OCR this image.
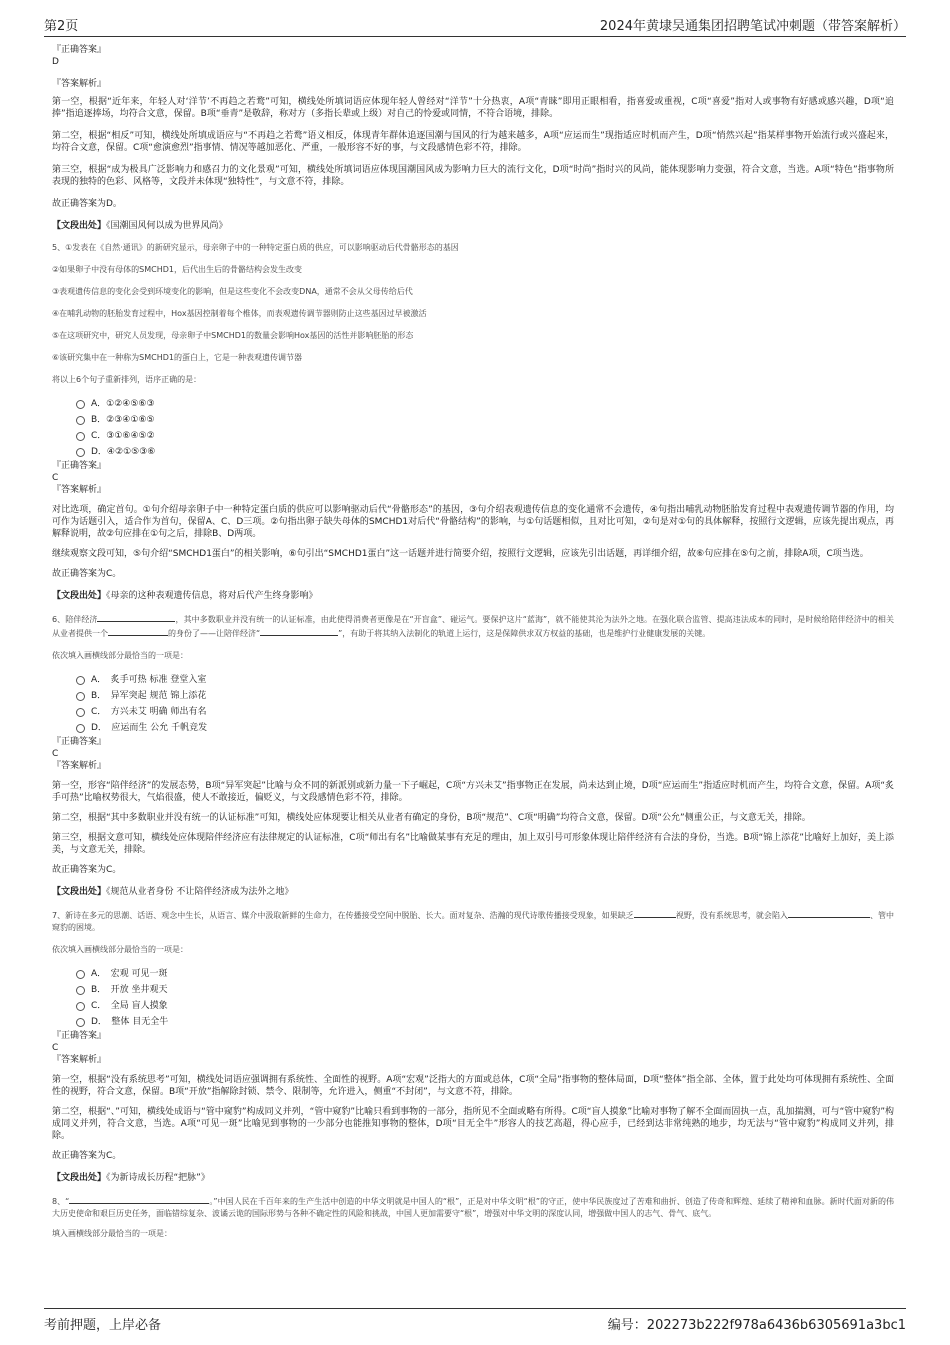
第2页	2024年黄埭吴通集团招聘笔试冲刺题（带答案解析）
『正确答案』
D
『答案解析』

第一空，根据“近年来，年轻人对‘洋节’不再趋之若鹜”可知，横线处所填词语应体现年轻人曾经对“洋节”十分热衷，A项“青睐”即用正眼相看，指喜爱或重视，C项“喜爱”指对人或事物有好感或感兴趣，D项“追捧”指追逐捧场，均符合文意，保留。B项“垂青”是敬辞，称对方（多指长辈或上级）对自己的怜爱或同情，不符合语境，排除。

第二空，根据“相反”可知，横线处所填成语应与“不再趋之若鹜”语义相反，体现青年群体追逐国潮与国风的行为越来越多，A项“应运而生”现指适应时机而产生，D项“悄然兴起”指某样事物开始流行或兴盛起来，均符合文意，保留。C项“愈演愈烈”指事情、情况等越加恶化、严重，一般形容不好的事，与文段感情色彩不符，排除。

第三空，根据“成为极具广泛影响力和感召力的文化景观”可知，横线处所填词语应体现国潮国风成为影响力巨大的流行文化，D项“时尚”指时兴的风尚，能体现影响力变强，符合文意，当选。A项“特色”指事物所表现的独特的色彩、风格等，文段并未体现“独特性”，与文意不符，排除。

故正确答案为D。

【文段出处】《国潮国风何以成为世界风尚》

5、①发表在《自然·通讯》的新研究显示，母亲卵子中的一种特定蛋白质的供应，可以影响驱动后代骨骼形态的基因

②如果卵子中没有母体的SMCHD1，后代出生后的骨骼结构会发生改变

③表观遗传信息的变化会受到环境变化的影响，但是这些变化不会改变DNA，通常不会从父母传给后代

④在哺乳动物的胚胎发育过程中，Hox基因控制着每个椎体，而表观遗传调节器则防止这些基因过早被激活

⑤在这项研究中，研究人员发现，母亲卵子中SMCHD1的数量会影响Hox基因的活性并影响胚胎的形态

⑥该研究集中在一种称为SMCHD1的蛋白上，它是一种表观遗传调节器

将以上6个句子重新排列，语序正确的是：

A．①②④⑤⑥③
B．②③④①⑥⑤
C．③①⑥④⑤②
D．④②①⑤③⑥
『正确答案』
C
『答案解析』

对比选项，确定首句。①句介绍母亲卵子中一种特定蛋白质的供应可以影响驱动后代“骨骼形态”的基因，③句介绍表观遗传信息的变化通常不会遗传，④句指出哺乳动物胚胎发育过程中表观遗传调节器的作用，均可作为话题引入，适合作为首句，保留A、C、D三项。②句指出卵子缺失母体的SMCHD1对后代“骨骼结构”的影响，与①句话题相似，且对比可知，②句是对①句的具体解释，按照行文逻辑，应该先提出观点，再解释说明，故②句应排在①句之后，排除B、D两项。

继续观察文段可知，⑤句介绍“SMCHD1蛋白”的相关影响，⑥句引出“SMCHD1蛋白”这一话题并进行简要介绍，按照行文逻辑，应该先引出话题，再详细介绍，故⑥句应排在⑤句之前，排除A项，C项当选。

故正确答案为C。

【文段出处】《母亲的这种表观遗传信息，将对后代产生终身影响》

6、陪伴经济	，其中多数职业并没有统一的认证标准，由此使得消费者更像是在“开盲盒”、碰运气。要保护这片“蓝海”，就不能使其沦为法外之地。在强化联合监管、提高违法成本的同时，是时候给陪伴经济中的相关从业者提供一个	的身份了——让陪伴经济“	”，有助于将其纳入法制化的轨道上运行，这是保障供求双方权益的基础，也是维护行业健康发展的关键。

依次填入画横线部分最恰当的一项是：

A．　炙手可热 标准 登堂入室
B．　异军突起 规范 锦上添花
C．　方兴未艾 明确 师出有名
D．　应运而生 公允 千帆竞发
『正确答案』
C
『答案解析』

第一空，形容“陪伴经济”的发展态势，B项“异军突起”比喻与众不同的新派别或新力量一下子崛起，C项“方兴未艾”指事物正在发展，尚未达到止境，D项“应运而生”指适应时机而产生，均符合文意，保留。A项“炙手可热”比喻权势很大，气焰很盛，使人不敢接近，偏贬义，与文段感情色彩不符，排除。

第二空，根据“其中多数职业并没有统一的认证标准”可知，横线处应体现要让相关从业者有确定的身份，B项“规范”、C项“明确”均符合文意，保留。D项“公允”侧重公正，与文意无关，排除。

第三空，根据文意可知，横线处应体现陪伴经济应有法律规定的认证标准，C项“师出有名”比喻做某事有充足的理由，加上双引号可形象体现让陪伴经济有合法的身份，当选。B项“锦上添花”比喻好上加好，美上添美，与文意无关，排除。

故正确答案为C。

【文段出处】《规范从业者身份 不让陪伴经济成为法外之地》

7、新诗在多元的思潮、话语、观念中生长，从语言、媒介中汲取新鲜的生命力，在传播接受空间中脱胎、长大。面对复杂、浩瀚的现代诗歌传播接受现象，如果缺乏	视野，没有系统思考，就会陷入	、管中窥豹的困境。

依次填入画横线部分最恰当的一项是：

A．　宏观 可见一斑
B．　开放 坐井观天
C．　全局 盲人摸象
D．　整体 目无全牛
『正确答案』
C
『答案解析』

第一空，根据“没有系统思考”可知，横线处词语应强调拥有系统性、全面性的视野。A项“宏观”泛指大的方面或总体，C项“全局”指事物的整体局面，D项“整体”指全部、全体，置于此处均可体现拥有系统性、全面性的视野，符合文意，保留。B项“开放”指解除封锁、禁令、限制等，允许进入，侧重“不封闭”，与文意不符，排除。

第二空，根据“、”可知，横线处成语与“管中窥豹”构成同义并列，“管中窥豹”比喻只看到事物的一部分，指所见不全面或略有所得。C项“盲人摸象”比喻对事物了解不全面而固执一点，乱加揣测，可与“管中窥豹”构成同义并列，符合文意，当选。A项“可见一斑”比喻见到事物的一少部分也能推知事物的整体，D项“目无全牛”形容人的技艺高超，得心应手，已经到达非常纯熟的地步，均无法与“管中窥豹”构成同义并列，排除。

故正确答案为C。

【文段出处】《为新诗成长历程“把脉”》

8、“	。”中国人民在千百年来的生产生活中创造的中华文明就是中国人的“根”，正是对中华文明“根”的守正，使中华民族度过了苦难和曲折、创造了传奇和辉煌、延续了精神和血脉。新时代面对新的伟大历史使命和艰巨历史任务，面临错综复杂、波谲云诡的国际形势与各种不确定性的风险和挑战，中国人更加需要守“根”，增强对中华文明的深度认同，增强做中国人的志气、骨气、底气。

填入画横线部分最恰当的一项是：

考前押题，上岸必备	编号：202273b222f978a6436b6305691a3bc1
